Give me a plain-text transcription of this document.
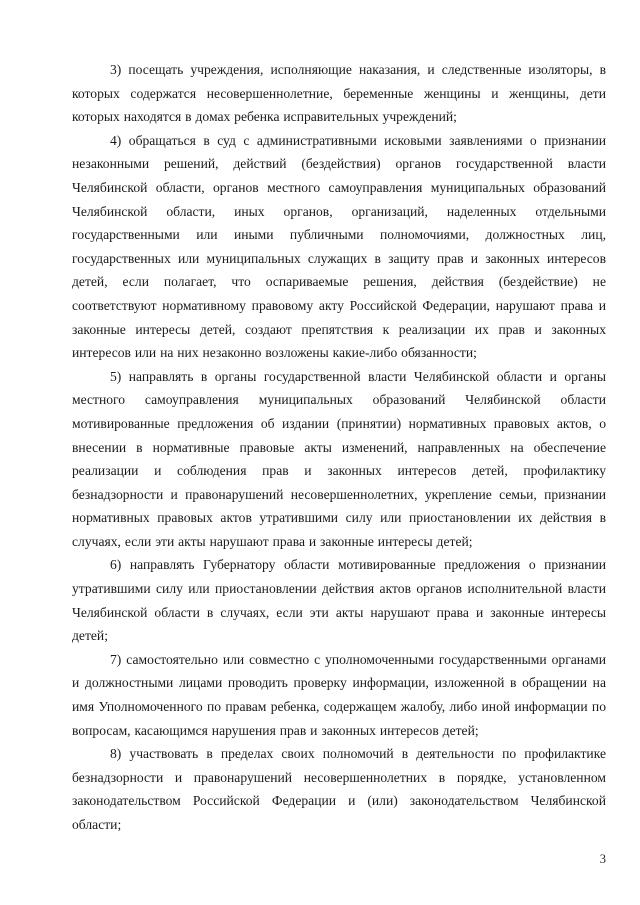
3) посещать учреждения, исполняющие наказания, и следственные изоляторы, в которых содержатся несовершеннолетние, беременные женщины и женщины, дети которых находятся в домах ребенка исправительных учреждений;

4) обращаться в суд с административными исковыми заявлениями о признании незаконными решений, действий (бездействия) органов государственной власти Челябинской области, органов местного самоуправления муниципальных образований Челябинской области, иных органов, организаций, наделенных отдельными государственными или иными публичными полномочиями, должностных лиц, государственных или муниципальных служащих в защиту прав и законных интересов детей, если полагает, что оспариваемые решения, действия (бездействие) не соответствуют нормативному правовому акту Российской Федерации, нарушают права и законные интересы детей, создают препятствия к реализации их прав и законных интересов или на них незаконно возложены какие-либо обязанности;

5) направлять в органы государственной власти Челябинской области и органы местного самоуправления муниципальных образований Челябинской области мотивированные предложения об издании (принятии) нормативных правовых актов, о внесении в нормативные правовые акты изменений, направленных на обеспечение реализации и соблюдения прав и законных интересов детей, профилактику безнадзорности и правонарушений несовершеннолетних, укрепление семьи, признании нормативных правовых актов утратившими силу или приостановлении их действия в случаях, если эти акты нарушают права и законные интересы детей;

6) направлять Губернатору области мотивированные предложения о признании утратившими силу или приостановлении действия актов органов исполнительной власти Челябинской области в случаях, если эти акты нарушают права и законные интересы детей;

7) самостоятельно или совместно с уполномоченными государственными органами и должностными лицами проводить проверку информации, изложенной в обращении на имя Уполномоченного по правам ребенка, содержащем жалобу, либо иной информации по вопросам, касающимся нарушения прав и законных интересов детей;

8) участвовать в пределах своих полномочий в деятельности по профилактике безнадзорности и правонарушений несовершеннолетних в порядке, установленном законодательством Российской Федерации и (или) законодательством Челябинской области;

3
